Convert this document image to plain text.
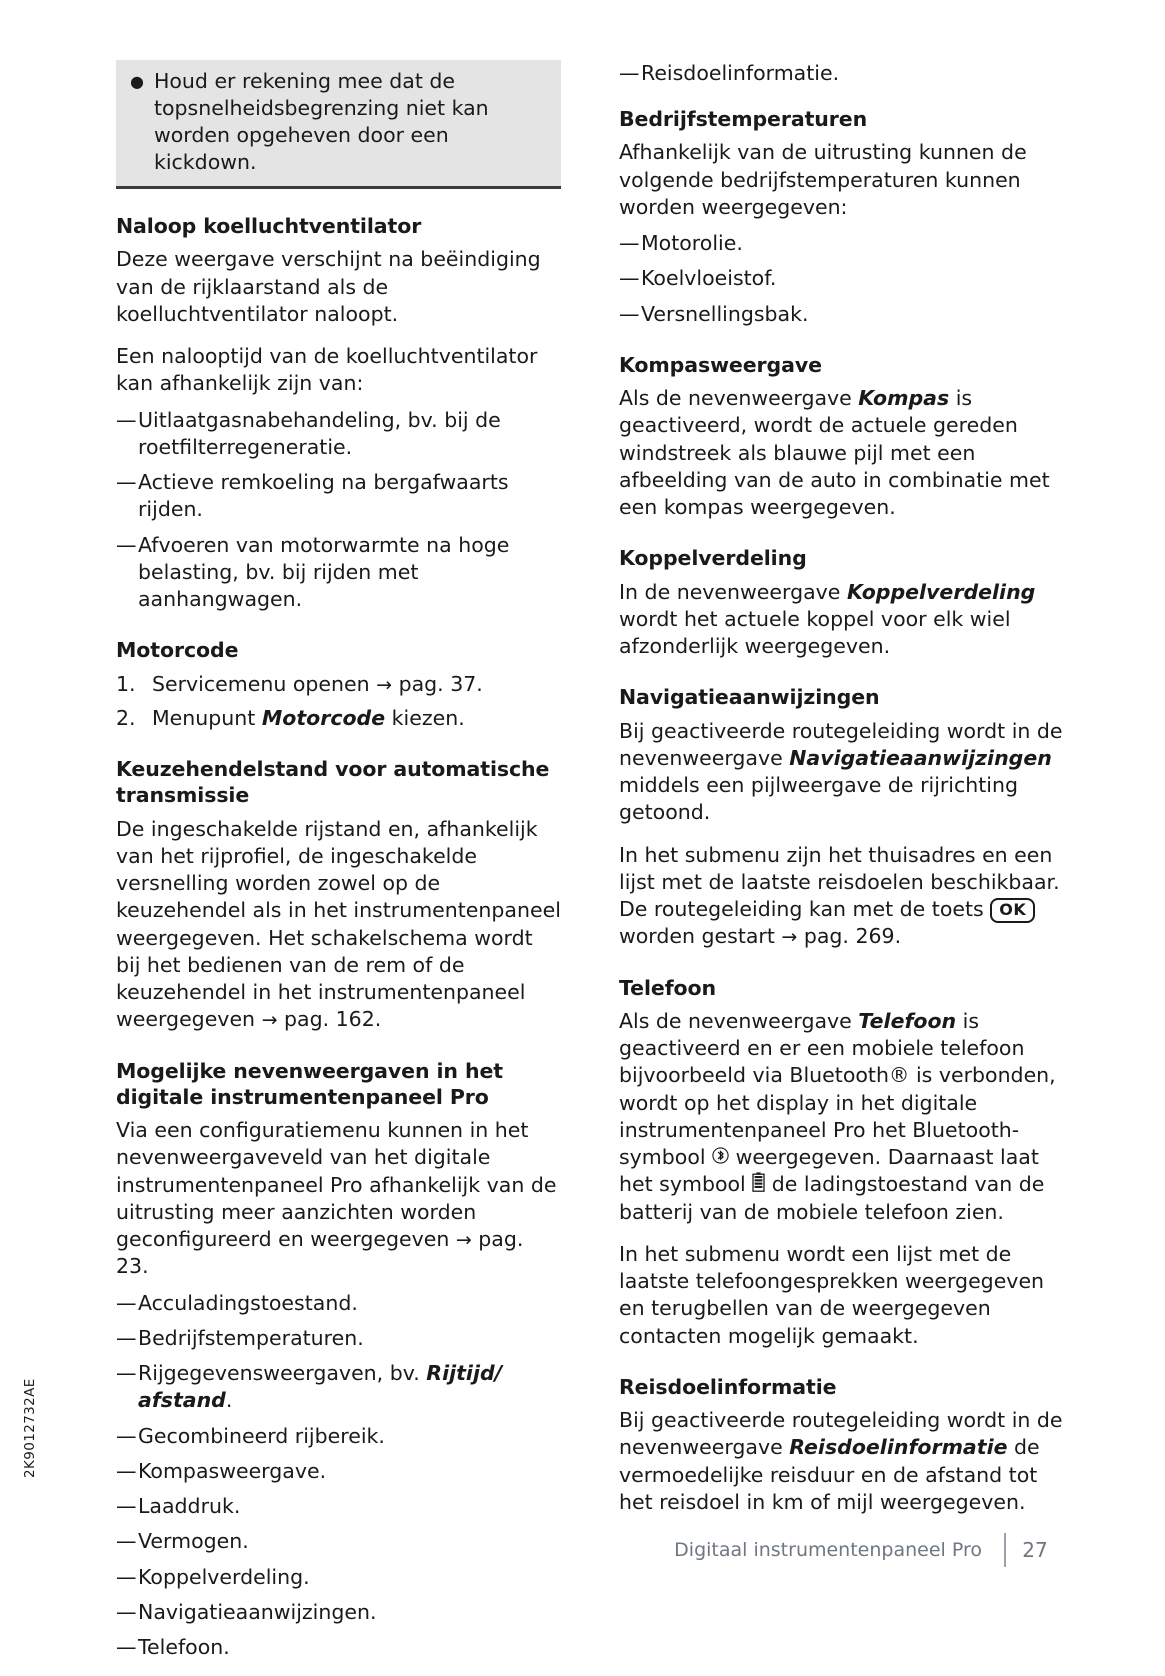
2K9012732AE
● Houd er rekening mee dat de topsnelheidsbegrenzing niet kan worden opgeheven door een kickdown.
Naloop koelluchtventilator

Deze weergave verschijnt na beëindiging van de rijklaarstand als de koelluchtventilator naloopt.

Een nalooptijd van de koelluchtventilator kan afhankelijk zijn van:

— Uitlaatgasnabehandeling, bv. bij de roetfilterregeneratie.
— Actieve remkoeling na bergafwaarts rijden.
— Afvoeren van motorwarmte na hoge belasting, bv. bij rijden met aanhangwagen.
Motorcode
1. Servicemenu openen → pag. 37.
2. Menupunt Motorcode kiezen.
Keuzehendelstand voor automatische transmissie

De ingeschakelde rijstand en, afhankelijk van het rijprofiel, de ingeschakelde versnelling worden zowel op de keuzehendel als in het instrumentenpaneel weergegeven. Het schakelschema wordt bij het bedienen van de rem of de keuzehendel in het instrumentenpaneel weergegeven → pag. 162.

Mogelijke nevenweergaven in het digitale instrumentenpaneel Pro

Via een configuratiemenu kunnen in het nevenweergaveveld van het digitale instrumentenpaneel Pro afhankelijk van de uitrusting meer aanzichten worden geconfigureerd en weergegeven → pag. 23.

— Acculadingstoestand.
— Bedrijfstemperaturen.
— Rijgegevensweergaven, bv. Rijtijd/ afstand.
— Gecombineerd rijbereik.
— Kompasweergave.
— Laaddruk.
— Vermogen.
— Koppelverdeling.
— Navigatieaanwijzingen.
— Telefoon.
— Reisdoelinformatie.
Bedrijfstemperaturen

Afhankelijk van de uitrusting kunnen de volgende bedrijfstemperaturen kunnen worden weergegeven:

— Motorolie.
— Koelvloeistof.
— Versnellingsbak.
Kompasweergave

Als de nevenweergave Kompas is geactiveerd, wordt de actuele gereden windstreek als blauwe pijl met een afbeelding van de auto in combinatie met een kompas weergegeven.

Koppelverdeling

In de nevenweergave Koppelverdeling wordt het actuele koppel voor elk wiel afzonderlijk weergegeven.

Navigatieaanwijzingen

Bij geactiveerde routegeleiding wordt in de nevenweergave Navigatieaanwijzingen middels een pijlweergave de rijrichting getoond.

In het submenu zijn het thuisadres en een lijst met de laatste reisdoelen beschikbaar. De routegeleiding kan met de toets OK worden gestart → pag. 269.

Telefoon

Als de nevenweergave Telefoon is geactiveerd en er een mobiele telefoon bijvoorbeeld via Bluetooth® is verbonden, wordt op het display in het digitale instrumentenpaneel Pro het Bluetooth-symbool
weergegeven. Daarnaast laat het symbool
de ladingstoestand van de batterij van de mobiele telefoon zien.

In het submenu wordt een lijst met de laatste telefoongesprekken weergegeven en terugbellen van de weergegeven contacten mogelijk gemaakt.

Reisdoelinformatie

Bij geactiveerde routegeleiding wordt in de nevenweergave Reisdoelinformatie de vermoedelijke reisduur en de afstand tot het reisdoel in km of mijl weergegeven.

Digitaal instrumentenpaneel Pro	27
